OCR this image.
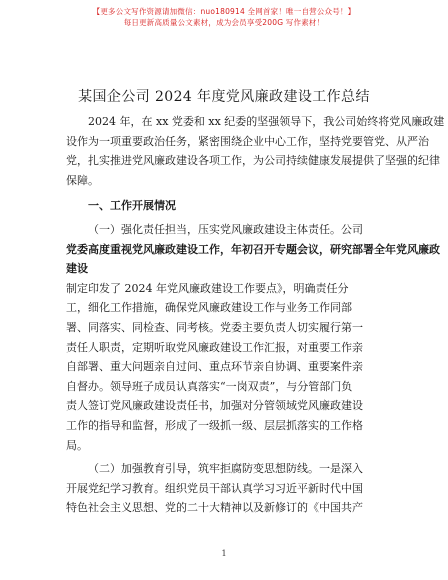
【更多公文写作资源请加微信：nuo180914 全网首家！唯一自营公众号！】
每日更新高质量公文素材，成为会员享受200G 写作素材！
某国企公司 2024 年度党风廉政建设工作总结

2024 年，在 xx 党委和 xx 纪委的坚强领导下，我公司始终将党风廉政建设作为一项重要政治任务，紧密围绕企业中心工作，坚持党要管党、从严治党，扎实推进党风廉政建设各项工作，为公司持续健康发展提供了坚强的纪律保障。

一、工作开展情况

（一）强化责任担当，压实党风廉政建设主体责任。公司
党委高度重视党风廉政建设工作，年初召开专题会议，研究部署全年党风廉政建设
制定印发了 2024 年党风廉政建设工作要点》，明确责任分
工，细化工作措施，确保党风廉政建设工作与业务工作同部
署、同落实、同检查、同考核。党委主要负责人切实履行第一
责任人职责，定期听取党风廉政建设工作汇报，对重要工作亲
自部署、重大问题亲自过问、重点环节亲自协调、重要案件亲
自督办。领导班子成员认真落实“一岗双责”，与分管部门负
责人签订党风廉政建设责任书，加强对分管领域党风廉政建设
工作的指导和监督，形成了一级抓一级、层层抓落实的工作格
局。
（二）加强教育引导，筑牢拒腐防变思想防线。一是深入
开展党纪学习教育。组织党员干部认真学习习近平新时代中国
特色社会主义思想、党的二十大精神以及新修订的《中国共产
1
